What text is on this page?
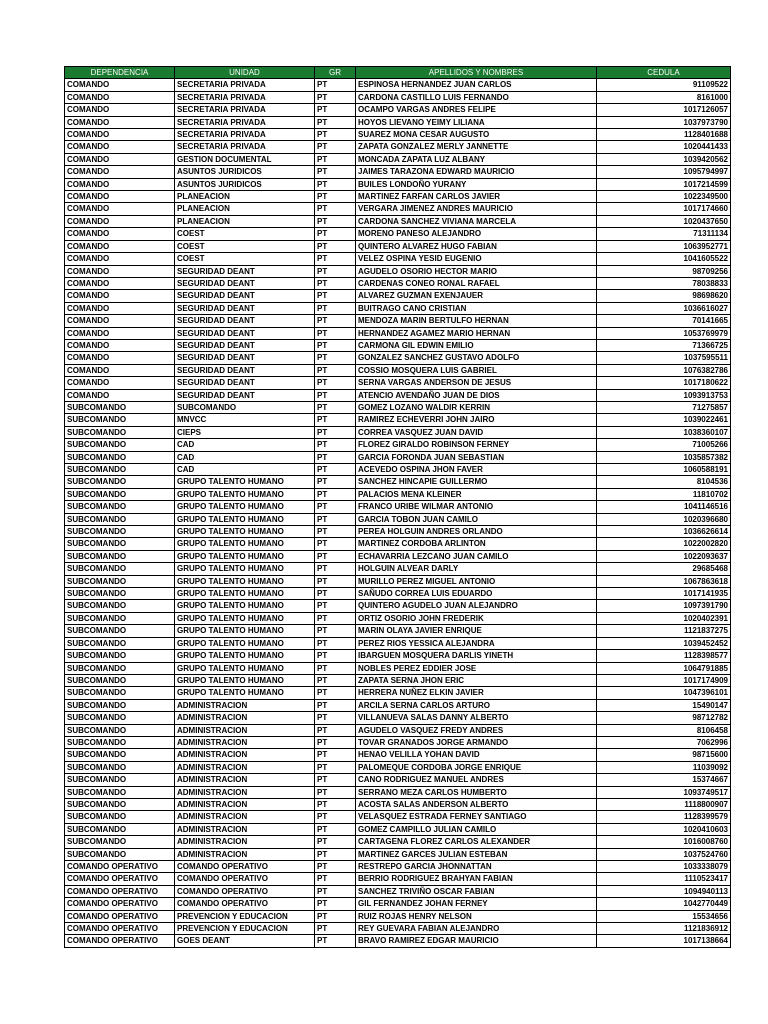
DEPENDENCIA	UNIDAD	GR	APELLIDOS Y NOMBRES	CEDULA
COMANDO	SECRETARIA PRIVADA	PT	ESPINOSA HERNANDEZ JUAN CARLOS	91109522
COMANDO	SECRETARIA PRIVADA	PT	CARDONA CASTILLO LUIS FERNANDO	8161000
COMANDO	SECRETARIA PRIVADA	PT	OCAMPO VARGAS ANDRES FELIPE	1017126057
COMANDO	SECRETARIA PRIVADA	PT	HOYOS LIEVANO YEIMY LILIANA	1037973790
COMANDO	SECRETARIA PRIVADA	PT	SUAREZ MONA CESAR AUGUSTO	1128401688
COMANDO	SECRETARIA PRIVADA	PT	ZAPATA GONZALEZ MERLY JANNETTE	1020441433
COMANDO	GESTION DOCUMENTAL	PT	MONCADA ZAPATA LUZ ALBANY	1039420562
COMANDO	ASUNTOS JURIDICOS	PT	JAIMES TARAZONA EDWARD MAURICIO	1095794997
COMANDO	ASUNTOS JURIDICOS	PT	BUILES LONDOÑO YURANY	1017214599
COMANDO	PLANEACION	PT	MARTINEZ FARFAN CARLOS JAVIER	1022349500
COMANDO	PLANEACION	PT	VERGARA JIMENEZ ANDRES MAURICIO	1017174660
COMANDO	PLANEACION	PT	CARDONA SANCHEZ VIVIANA MARCELA	1020437650
COMANDO	COEST	PT	MORENO PANESO ALEJANDRO	71311134
COMANDO	COEST	PT	QUINTERO ALVAREZ HUGO FABIAN	1063952771
COMANDO	COEST	PT	VELEZ OSPINA YESID EUGENIO	1041605522
COMANDO	SEGURIDAD DEANT	PT	AGUDELO OSORIO HECTOR MARIO	98709256
COMANDO	SEGURIDAD DEANT	PT	CARDENAS CONEO RONAL RAFAEL	78038833
COMANDO	SEGURIDAD DEANT	PT	ALVAREZ GUZMAN EXENJAUER	98698620
COMANDO	SEGURIDAD DEANT	PT	BUITRAGO CANO CRISTIAN	1036616027
COMANDO	SEGURIDAD DEANT	PT	MENDOZA MARIN BERTULFO HERNAN	70141665
COMANDO	SEGURIDAD DEANT	PT	HERNANDEZ AGAMEZ MARIO HERNAN	1053769979
COMANDO	SEGURIDAD DEANT	PT	CARMONA GIL EDWIN EMILIO	71366725
COMANDO	SEGURIDAD DEANT	PT	GONZALEZ SANCHEZ GUSTAVO ADOLFO	1037595511
COMANDO	SEGURIDAD DEANT	PT	COSSIO MOSQUERA LUIS GABRIEL	1076382786
COMANDO	SEGURIDAD DEANT	PT	SERNA VARGAS ANDERSON DE JESUS	1017180622
COMANDO	SEGURIDAD DEANT	PT	ATENCIO AVENDAÑO JUAN DE DIOS	1093913753
SUBCOMANDO	SUBCOMANDO	PT	GOMEZ LOZANO WALDIR KERRIN	71275857
SUBCOMANDO	MNVCC	PT	RAMIREZ ECHEVERRI JOHN JAIRO	1039022461
SUBCOMANDO	CIEPS	PT	CORREA VASQUEZ JUAN DAVID	1038360107
SUBCOMANDO	CAD	PT	FLOREZ GIRALDO ROBINSON FERNEY	71005266
SUBCOMANDO	CAD	PT	GARCIA FORONDA JUAN SEBASTIAN	1035857382
SUBCOMANDO	CAD	PT	ACEVEDO OSPINA JHON FAVER	1060588191
SUBCOMANDO	GRUPO TALENTO HUMANO	PT	SANCHEZ HINCAPIE GUILLERMO	8104536
SUBCOMANDO	GRUPO TALENTO HUMANO	PT	PALACIOS MENA KLEINER	11810702
SUBCOMANDO	GRUPO TALENTO HUMANO	PT	FRANCO URIBE WILMAR ANTONIO	1041146516
SUBCOMANDO	GRUPO TALENTO HUMANO	PT	GARCIA TOBON JUAN CAMILO	1020396680
SUBCOMANDO	GRUPO TALENTO HUMANO	PT	PEREA HOLGUIN ANDRES ORLANDO	1036626614
SUBCOMANDO	GRUPO TALENTO HUMANO	PT	MARTINEZ CORDOBA ARLINTON	1022002820
SUBCOMANDO	GRUPO TALENTO HUMANO	PT	ECHAVARRIA LEZCANO JUAN CAMILO	1022093637
SUBCOMANDO	GRUPO TALENTO HUMANO	PT	HOLGUIN ALVEAR DARLY	29685468
SUBCOMANDO	GRUPO TALENTO HUMANO	PT	MURILLO PEREZ MIGUEL ANTONIO	1067863618
SUBCOMANDO	GRUPO TALENTO HUMANO	PT	SAÑUDO CORREA LUIS EDUARDO	1017141935
SUBCOMANDO	GRUPO TALENTO HUMANO	PT	QUINTERO AGUDELO JUAN ALEJANDRO	1097391790
SUBCOMANDO	GRUPO TALENTO HUMANO	PT	ORTIZ OSORIO JOHN FREDERIK	1020402391
SUBCOMANDO	GRUPO TALENTO HUMANO	PT	MARIN OLAYA JAVIER ENRIQUE	1121837275
SUBCOMANDO	GRUPO TALENTO HUMANO	PT	PEREZ RIOS YESSICA ALEJANDRA	1039452452
SUBCOMANDO	GRUPO TALENTO HUMANO	PT	IBARGUEN MOSQUERA DARLIS YINETH	1128398577
SUBCOMANDO	GRUPO TALENTO HUMANO	PT	NOBLES PEREZ EDDIER JOSE	1064791885
SUBCOMANDO	GRUPO TALENTO HUMANO	PT	ZAPATA SERNA JHON ERIC	1017174909
SUBCOMANDO	GRUPO TALENTO HUMANO	PT	HERRERA NUÑEZ ELKIN JAVIER	1047396101
SUBCOMANDO	ADMINISTRACION	PT	ARCILA SERNA CARLOS ARTURO	15490147
SUBCOMANDO	ADMINISTRACION	PT	VILLANUEVA SALAS DANNY ALBERTO	98712782
SUBCOMANDO	ADMINISTRACION	PT	AGUDELO VASQUEZ FREDY ANDRES	8106458
SUBCOMANDO	ADMINISTRACION	PT	TOVAR GRANADOS JORGE ARMANDO	7062996
SUBCOMANDO	ADMINISTRACION	PT	HENAO VELILLA YOHAN DAVID	98715600
SUBCOMANDO	ADMINISTRACION	PT	PALOMEQUE CORDOBA JORGE ENRIQUE	11039092
SUBCOMANDO	ADMINISTRACION	PT	CANO RODRIGUEZ MANUEL ANDRES	15374667
SUBCOMANDO	ADMINISTRACION	PT	SERRANO MEZA CARLOS HUMBERTO	1093749517
SUBCOMANDO	ADMINISTRACION	PT	ACOSTA SALAS ANDERSON ALBERTO	1118800907
SUBCOMANDO	ADMINISTRACION	PT	VELASQUEZ ESTRADA FERNEY SANTIAGO	1128399579
SUBCOMANDO	ADMINISTRACION	PT	GOMEZ CAMPILLO JULIAN CAMILO	1020410603
SUBCOMANDO	ADMINISTRACION	PT	CARTAGENA FLOREZ CARLOS ALEXANDER	1016008760
SUBCOMANDO	ADMINISTRACION	PT	MARTINEZ GARCES JULIAN ESTEBAN	1037524760
COMANDO OPERATIVO	COMANDO OPERATIVO	PT	RESTREPO GARCIA JHONNATTAN	1033338079
COMANDO OPERATIVO	COMANDO OPERATIVO	PT	BERRIO RODRIGUEZ BRAHYAN FABIAN	1110523417
COMANDO OPERATIVO	COMANDO OPERATIVO	PT	SANCHEZ TRIVIÑO OSCAR FABIAN	1094940113
COMANDO OPERATIVO	COMANDO OPERATIVO	PT	GIL FERNANDEZ JOHAN FERNEY	1042770449
COMANDO OPERATIVO	PREVENCION Y EDUCACION	PT	RUIZ ROJAS HENRY NELSON	15534656
COMANDO OPERATIVO	PREVENCION Y EDUCACION	PT	REY GUEVARA FABIAN ALEJANDRO	1121836912
COMANDO OPERATIVO	GOES DEANT	PT	BRAVO RAMIREZ EDGAR MAURICIO	1017138664
